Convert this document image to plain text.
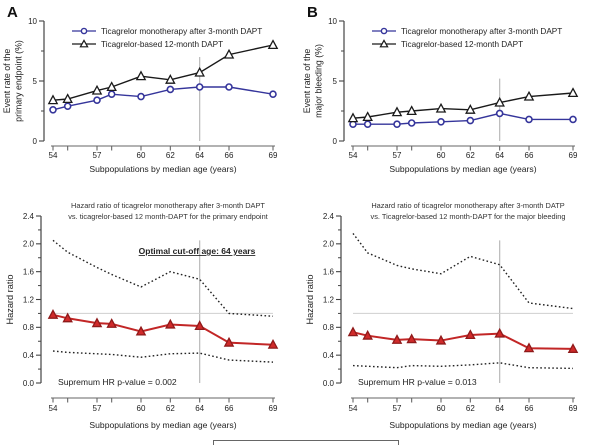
A	B
0
5
10
54	57	60	62	64	66	69
Subpopulations by median age (years)
Event rate of the primary endpoint (%)
Ticagrelor monotherapy after 3-month DAPT
Ticagrelor-based 12-month DAPT
0
5
10
54	57	60	62	64	66	69
Subpopulations by median age (years)
Event rate of the major bleeding (%)
Ticagrelor monotherapy after 3-month DAPT
Ticagrelor-based 12-month DAPT
0.0
0.4
0.8
1.2
1.6
2.0
2.4
54	57	60	62	64	66	69
Subpopulations by median age (years)
Hazard ratio
Hazard ratio of ticagrelor monotherapy after 3-month DAPT
vs. ticagrelor-based 12 month-DAPT for the primary endpoint
Optimal cut-off age: 64 years
Supremum HR p-value = 0.002	0.0
0.4
0.8
1.2
1.6
2.0
2.4
54	57	60	62	64	66	69
Subpopulations by median age (years)
Hazard ratio
Hazard ratio of ticagrelor monotherapy after 3-month DATP
vs. Ticagrelor-based 12 month-DAPT for the major bleeding
Supremum HR p-value = 0.013
